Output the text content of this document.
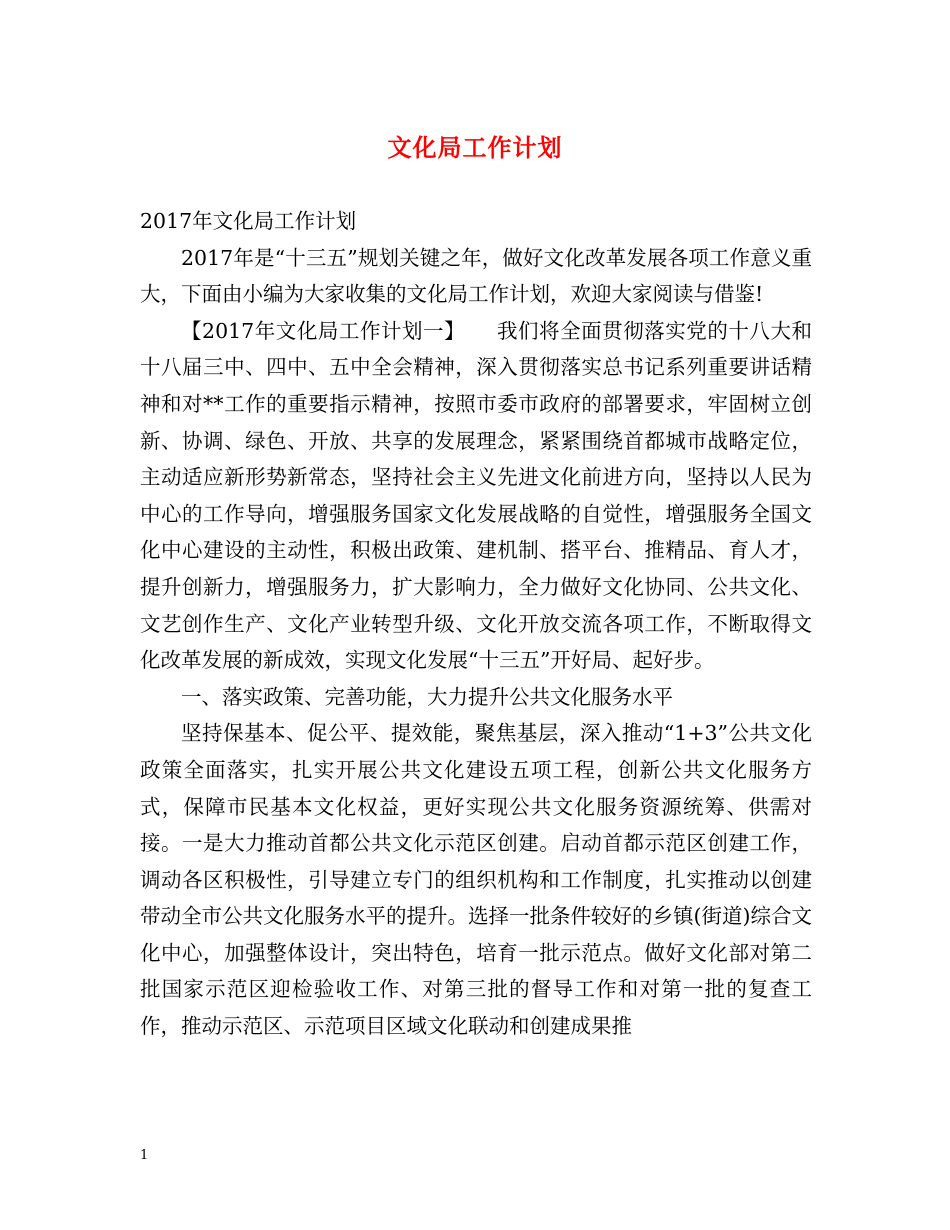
文化局工作计划

2017年文化局工作计划

2017年是“十三五”规划关键之年，做好文化改革发展各项工作意义重大，下面由小编为大家收集的文化局工作计划，欢迎大家阅读与借鉴!

【2017年文化局工作计划一】　　我们将全面贯彻落实党的十八大和十八届三中、四中、五中全会精神，深入贯彻落实总书记系列重要讲话精神和对**工作的重要指示精神，按照市委市政府的部署要求，牢固树立创新、协调、绿色、开放、共享的发展理念，紧紧围绕首都城市战略定位，主动适应新形势新常态，坚持社会主义先进文化前进方向，坚持以人民为中心的工作导向，增强服务国家文化发展战略的自觉性，增强服务全国文化中心建设的主动性，积极出政策、建机制、搭平台、推精品、育人才，提升创新力，增强服务力，扩大影响力，全力做好文化协同、公共文化、文艺创作生产、文化产业转型升级、文化开放交流各项工作，不断取得文化改革发展的新成效，实现文化发展“十三五”开好局、起好步。

一、落实政策、完善功能，大力提升公共文化服务水平

坚持保基本、促公平、提效能，聚焦基层，深入推动“1+3”公共文化政策全面落实，扎实开展公共文化建设五项工程，创新公共文化服务方式，保障市民基本文化权益，更好实现公共文化服务资源统筹、供需对接。一是大力推动首都公共文化示范区创建。启动首都示范区创建工作，调动各区积极性，引导建立专门的组织机构和工作制度，扎实推动以创建带动全市公共文化服务水平的提升。选择一批条件较好的乡镇(街道)综合文化中心，加强整体设计，突出特色，培育一批示范点。做好文化部对第二批国家示范区迎检验收工作、对第三批的督导工作和对第一批的复查工作，推动示范区、示范项目区域文化联动和创建成果推

1
